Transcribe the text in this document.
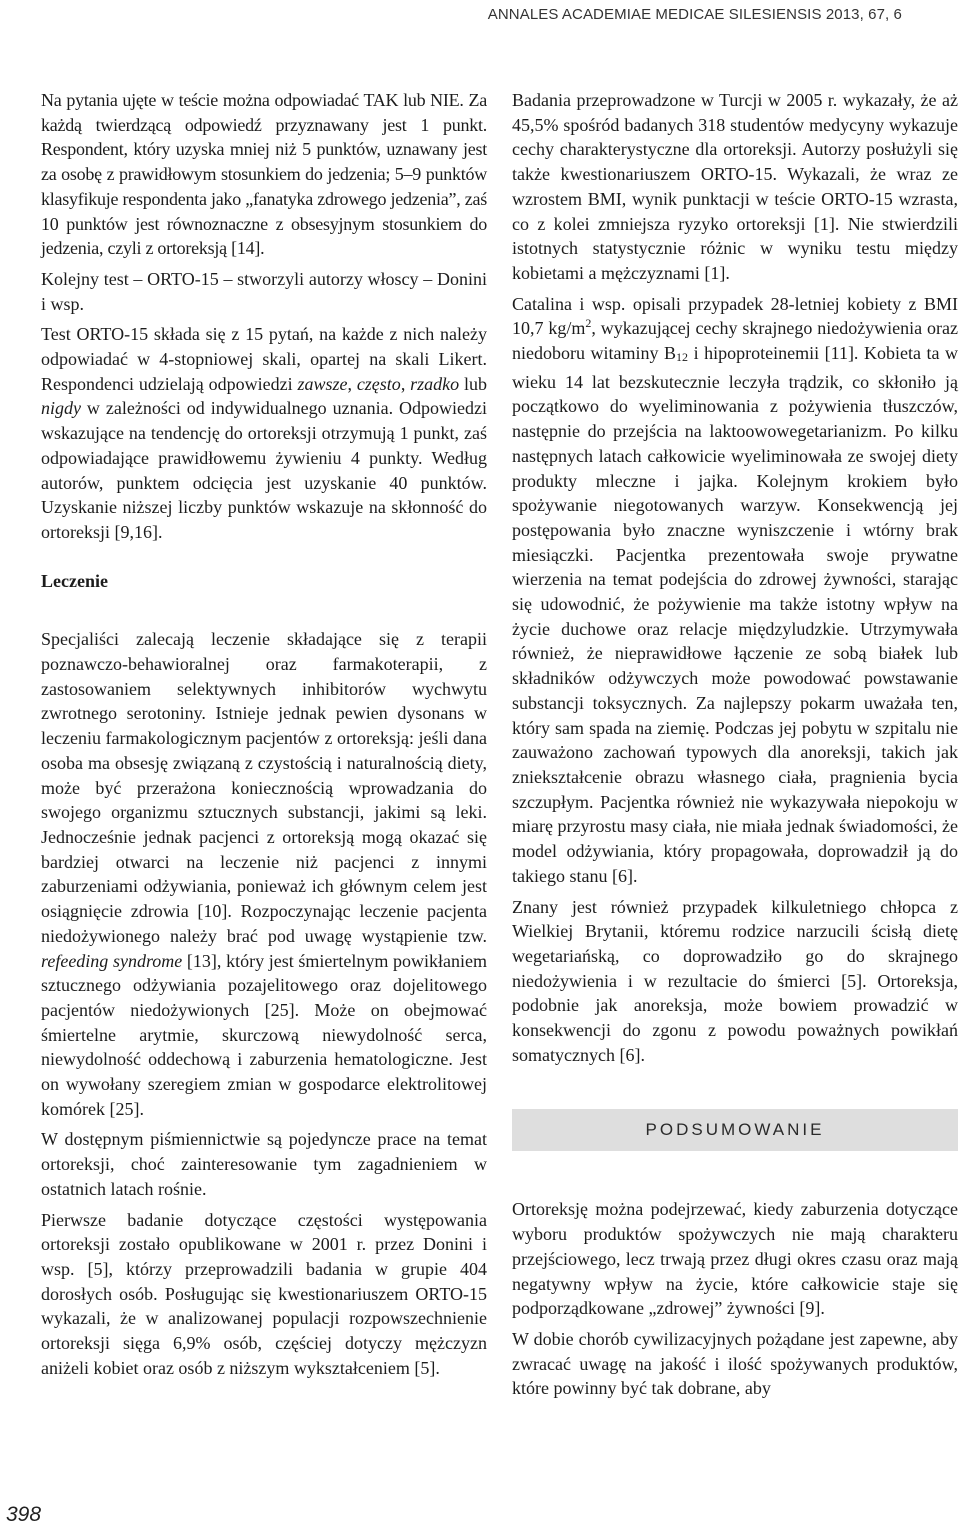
ANNALES ACADEMIAE MEDICAE SILESIENSIS 2013, 67, 6

Na pytania ujęte w teście można odpowiadać TAK lub NIE. Za każdą twierdzącą odpowiedź przyznawany jest 1 punkt. Respondent, który uzyska mniej niż 5 punktów, uznawany jest za osobę z prawidłowym stosunkiem do jedzenia; 5–9 punktów klasyfikuje respondenta jako „fanatyka zdrowego jedzenia”, zaś 10 punktów jest równoznaczne z obsesyjnym stosunkiem do jedzenia, czyli z ortoreksją [14].

Kolejny test – ORTO-15 – stworzyli autorzy włoscy – Donini i wsp.

Test ORTO-15 składa się z 15 pytań, na każde z nich należy odpowiadać w 4-stopniowej skali, opartej na skali Likert. Respondenci udzielają odpowiedzi zawsze, często, rzadko lub nigdy w zależności od indywidualnego uznania. Odpowiedzi wskazujące na tendencję do ortoreksji otrzymują 1 punkt, zaś odpowiadające prawidłowemu żywieniu 4 punkty. Według autorów, punktem odcięcia jest uzyskanie 40 punktów. Uzyskanie niższej liczby punktów wskazuje na skłonność do ortoreksji [9,16].

Leczenie

Specjaliści zalecają leczenie składające się z terapii poznawczo-behawioralnej oraz farmakoterapii, z zastosowaniem selektywnych inhibitorów wychwytu zwrotnego serotoniny. Istnieje jednak pewien dysonans w leczeniu farmakologicznym pacjentów z ortoreksją: jeśli dana osoba ma obsesję związaną z czystością i naturalnością diety, może być przerażona koniecznością wprowadzania do swojego organizmu sztucznych substancji, jakimi są leki. Jednocześnie jednak pacjenci z ortoreksją mogą okazać się bardziej otwarci na leczenie niż pacjenci z innymi zaburzeniami odżywiania, ponieważ ich głównym celem jest osiągnięcie zdrowia [10]. Rozpoczynając leczenie pacjenta niedożywionego należy brać pod uwagę wystąpienie tzw. refeeding syndrome [13], który jest śmiertelnym powikłaniem sztucznego odżywiania pozajelitowego oraz dojelitowego pacjentów niedożywionych [25]. Może on obejmować śmiertelne arytmie, skurczową niewydolność serca, niewydolność oddechową i zaburzenia hematologiczne. Jest on wywołany szeregiem zmian w gospodarce elektrolitowej komórek [25].

W dostępnym piśmiennictwie są pojedyncze prace na temat ortoreksji, choć zainteresowanie tym zagadnieniem w ostatnich latach rośnie.

Pierwsze badanie dotyczące częstości występowania ortoreksji zostało opublikowane w 2001 r. przez Donini i wsp. [5], którzy przeprowadzili badania w grupie 404 dorosłych osób. Posługując się kwestionariuszem ORTO-15 wykazali, że w analizowanej populacji rozpowszechnienie ortoreksji sięga 6,9% osób, częściej dotyczy mężczyzn aniżeli kobiet oraz osób z niższym wykształceniem [5].

Badania przeprowadzone w Turcji w 2005 r. wykazały, że aż 45,5% spośród badanych 318 studentów medycyny wykazuje cechy charakterystyczne dla ortoreksji. Autorzy posłużyli się także kwestionariuszem ORTO-15. Wykazali, że wraz ze wzrostem BMI, wynik punktacji w teście ORTO-15 wzrasta, co z kolei zmniejsza ryzyko ortoreksji [1]. Nie stwierdzili istotnych statystycznie różnic w wyniku testu między kobietami a mężczyznami [1].

Catalina i wsp. opisali przypadek 28-letniej kobiety z BMI 10,7 $kg/m^2$, wykazującej cechy skrajnego niedożywienia oraz niedoboru witaminy B12 i hipoproteinemii [11]. Kobieta ta w wieku 14 lat bezskutecznie leczyła trądzik, co skłoniło ją początkowo do wyeliminowania z pożywienia tłuszczów, następnie do przejścia na laktoowowegetarianizm. Po kilku następnych latach całkowicie wyeliminowała ze swojej diety produkty mleczne i jajka. Kolejnym krokiem było spożywanie niegotowanych warzyw. Konsekwencją jej postępowania było znaczne wyniszczenie i wtórny brak miesiączki. Pacjentka prezentowała swoje prywatne wierzenia na temat podejścia do zdrowej żywności, starając się udowodnić, że pożywienie ma także istotny wpływ na życie duchowe oraz relacje międzyludzkie. Utrzymywała również, że nieprawidłowe łączenie ze sobą białek lub składników odżywczych może powodować powstawanie substancji toksycznych. Za najlepszy pokarm uważała ten, który sam spada na ziemię. Podczas jej pobytu w szpitalu nie zauważono zachowań typowych dla anoreksji, takich jak zniekształcenie obrazu własnego ciała, pragnienia bycia szczupłym. Pacjentka również nie wykazywała niepokoju w miarę przyrostu masy ciała, nie miała jednak świadomości, że model odżywiania, który propagowała, doprowadził ją do takiego stanu [6].

Znany jest również przypadek kilkuletniego chłopca z Wielkiej Brytanii, któremu rodzice narzucili ścisłą dietę wegetariańską, co doprowadziło go do skrajnego niedożywienia i w rezultacie do śmierci [5]. Ortoreksja, podobnie jak anoreksja, może bowiem prowadzić w konsekwencji do zgonu z powodu poważnych powikłań somatycznych [6].

PODSUMOWANIE

Ortoreksję można podejrzewać, kiedy zaburzenia dotyczące wyboru produktów spożywczych nie mają charakteru przejściowego, lecz trwają przez długi okres czasu oraz mają negatywny wpływ na życie, które całkowicie staje się podporządkowane „zdrowej” żywności [9].

W dobie chorób cywilizacyjnych pożądane jest zapewne, aby zwracać uwagę na jakość i ilość spożywanych produktów, które powinny być tak dobrane, aby

398
